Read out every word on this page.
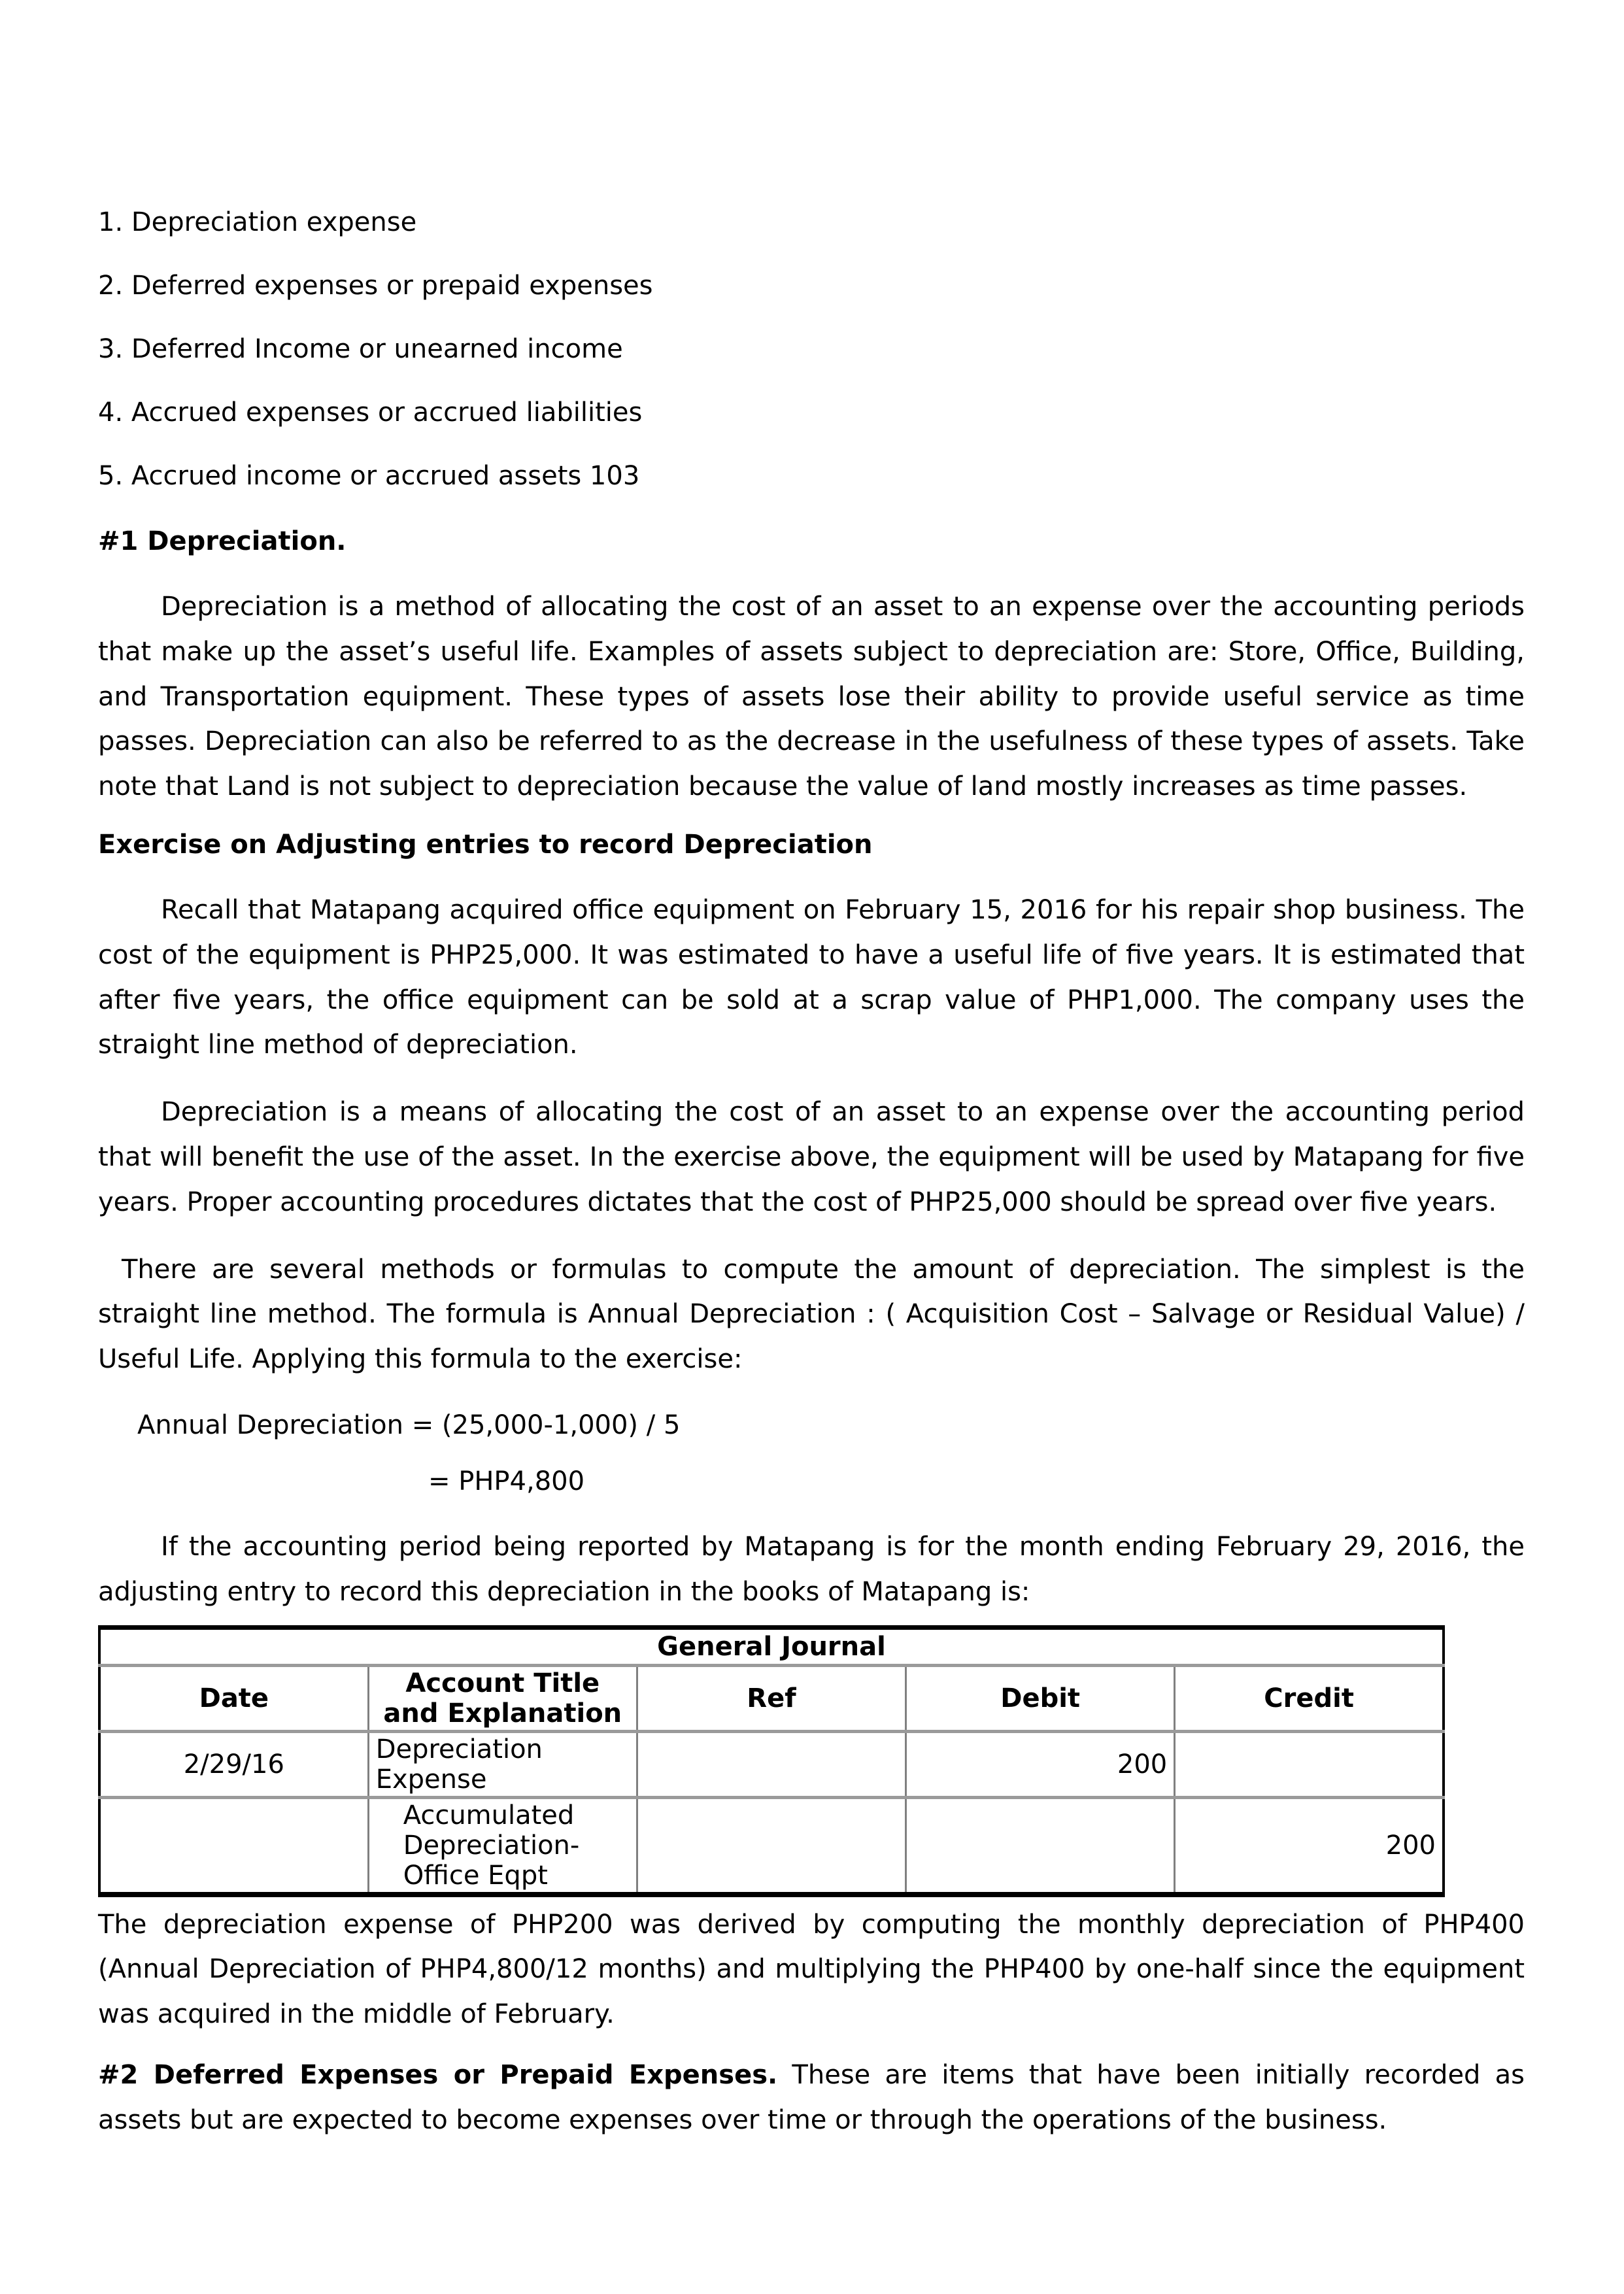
1. Depreciation expense
2. Deferred expenses or prepaid expenses
3. Deferred Income or unearned income
4. Accrued expenses or accrued liabilities
5. Accrued income or accrued assets 103
#1 Depreciation.

Depreciation is a method of allocating the cost of an asset to an expense over the accounting periods that make up the asset’s useful life. Examples of assets subject to depreciation are: Store, Office, Building, and Transportation equipment. These types of assets lose their ability to provide useful service as time passes. Depreciation can also be referred to as the decrease in the usefulness of these types of assets. Take note that Land is not subject to depreciation because the value of land mostly increases as time passes.

Exercise on Adjusting entries to record Depreciation

Recall that Matapang acquired office equipment on February 15, 2016 for his repair shop business. The cost of the equipment is PHP25,000. It was estimated to have a useful life of five years. It is estimated that after five years, the office equipment can be sold at a scrap value of PHP1,000. The company uses the straight line method of depreciation.

Depreciation is a means of allocating the cost of an asset to an expense over the accounting period that will benefit the use of the asset. In the exercise above, the equipment will be used by Matapang for five years. Proper accounting procedures dictates that the cost of PHP25,000 should be spread over five years.

There are several methods or formulas to compute the amount of depreciation. The simplest is the straight line method. The formula is Annual Depreciation : ( Acquisition Cost – Salvage or Residual Value) / Useful Life. Applying this formula to the exercise:

Annual Depreciation = (25,000-1,000) / 5
= PHP4,800

If the accounting period being reported by Matapang is for the month ending February 29, 2016, the adjusting entry to record this depreciation in the books of Matapang is:

General Journal				
Date	Account Title and Explanation	Ref	Debit	Credit
2/29/16	Depreciation Expense		200	
	Accumulated Depreciation-Office Eqpt			200

The depreciation expense of PHP200 was derived by computing the monthly depreciation of PHP400 (Annual Depreciation of PHP4,800/12 months) and multiplying the PHP400 by one-half since the equipment was acquired in the middle of February.

#2 Deferred Expenses or Prepaid Expenses. These are items that have been initially recorded as assets but are expected to become expenses over time or through the operations of the business.
